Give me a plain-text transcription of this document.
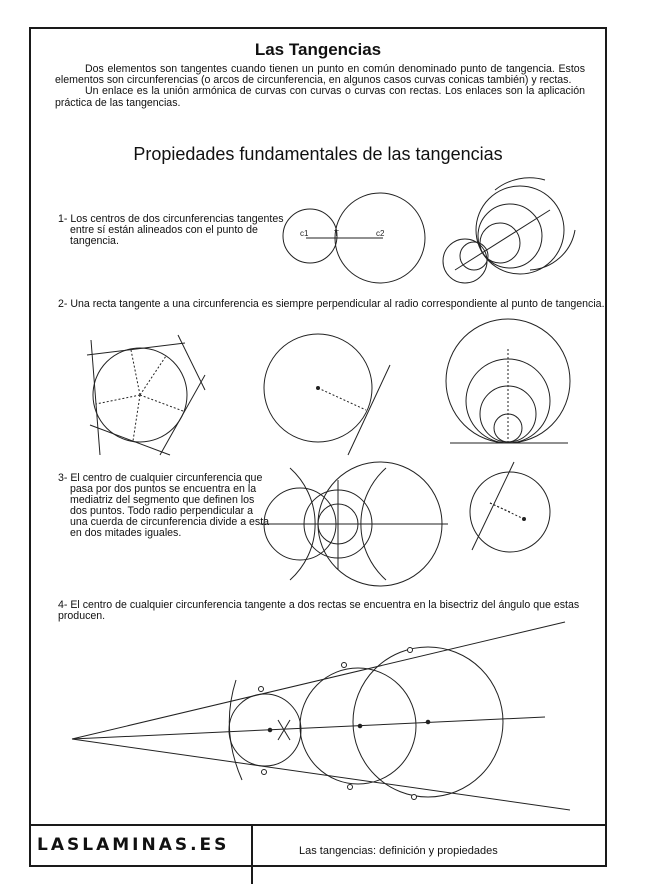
Las Tangencias

Dos elementos son tangentes cuando tienen un punto en común denominado punto de tangencia. Estos elementos son circunferencias (o arcos de circunferencia, en algunos casos curvas conicas también) y rectas.

Un enlace es la unión armónica de curvas con curvas o curvas con rectas. Los enlaces son la aplicación práctica de las tangencias.

Propiedades fundamentales de las tangencias
1- Los centros de dos circunferencias tangentes entre sí están alineados con el punto de tangencia.
2- Una recta tangente a una circunferencia es siempre perpendicular al radio correspondiente al punto de tangencia.
3- El centro de cualquier circunferencia que pasa por dos puntos se encuentra en la mediatriz del segmento que definen los dos puntos. Todo radio perpendicular a una cuerda de circunferencia divide a esta en dos mitades iguales.
4- El centro de cualquier circunferencia tangente a dos rectas se encuentra en la bisectriz del ángulo que estas producen.
LASLAMINAS.ES	Las tangencias: definición y propiedades
c1	T	c2
